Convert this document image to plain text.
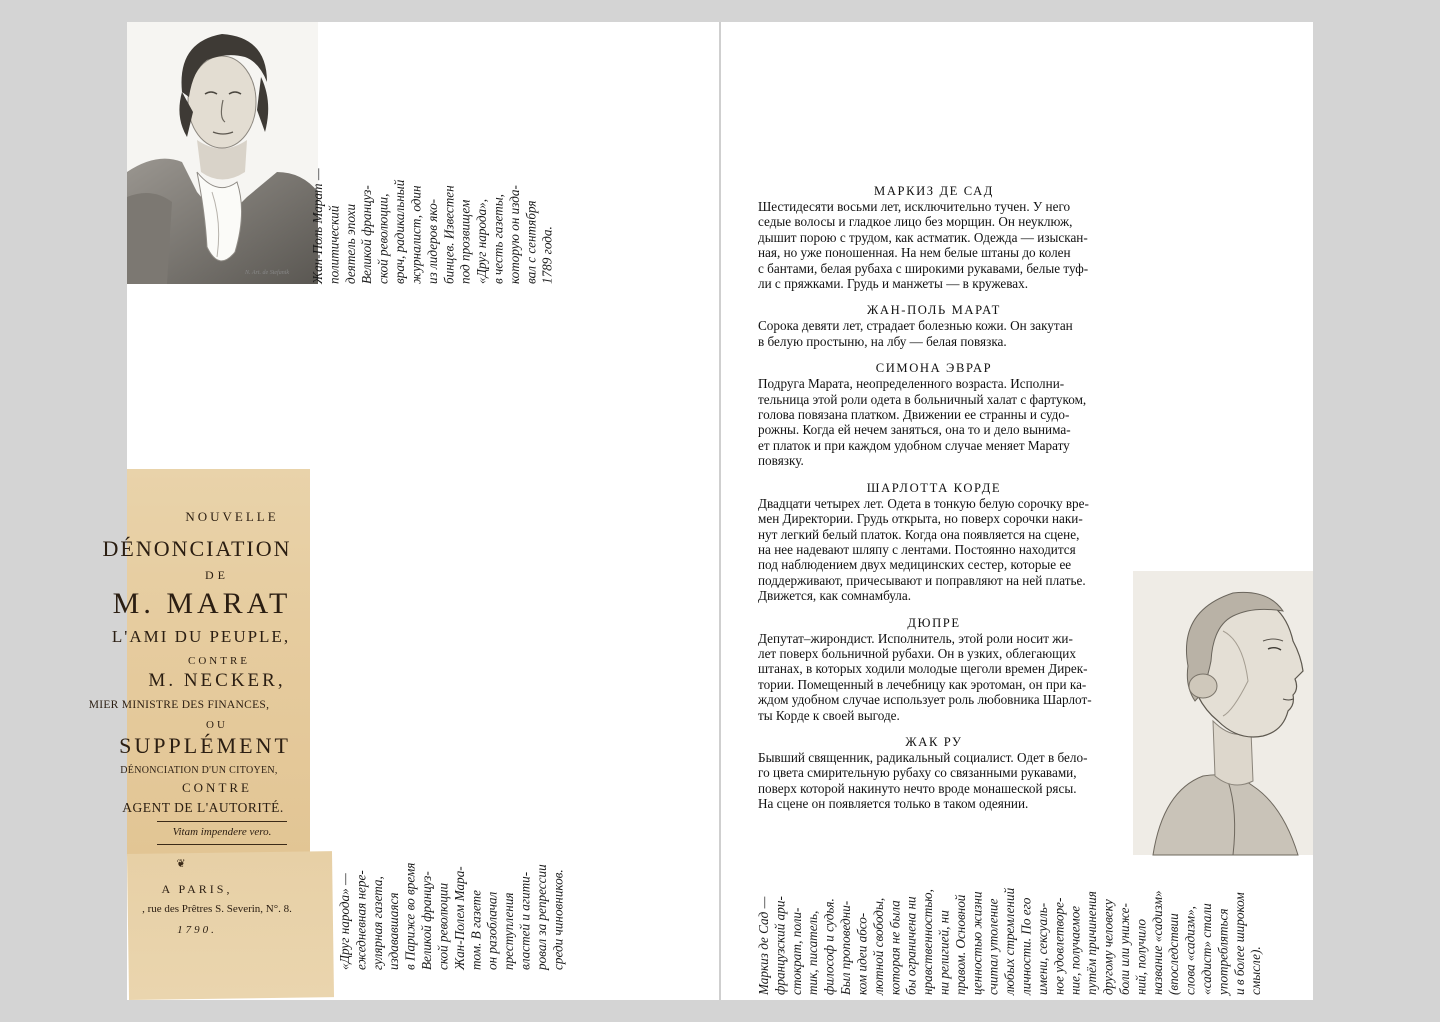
N. Art. de Stefanik Жан-Поль Марат — политический деятель эпохи Великой француз- ской революции, врач, радикальный журналист, один из лидеров яко- бинцев. Известен под прозвищем «Друг народа», в честь газеты, которую он изда- вал с сентября 1789 года.
NOUVELLE
DÉNONCIATION
DE
M. MARAT
L'AMI DU PEUPLE,
CONTRE
M. NECKER,
MIER MINISTRE DES FINANCES,
OU
SUPPLÉMENT
DÉNONCIATION D'UN CITOYEN,
CONTRE
AGENT DE L'AUTORITÉ.
Vitam impendere vero.
❦
A PARIS,
, rue des Prêtres S. Severin, N°. 8.
1790.	«Друг народа» — ежедневная нере- гулярная газета, издававшаяся в Париже во время Великой француз- ской революции Жан-Полем Мара- том. В газете он разоблачал преступления властей и агити- ровал за репрессии среди чиновников.
МАРКИЗ ДЕ САД

Шестидесяти восьми лет, исключительно тучен. У него
седые волосы и гладкое лицо без морщин. Он неуклюж,
дышит порою с трудом, как астматик. Одежда — изыскан-
ная, но уже поношенная. На нем белые штаны до колен
с бантами, белая рубаха с широкими рукавами, белые туф-
ли с пряжками. Грудь и манжеты — в кружевах.

ЖАН-ПОЛЬ МАРАТ

Сорока девяти лет, страдает болезнью кожи. Он закутан
в белую простыню, на лбу — белая повязка.

СИМОНА ЭВРАР

Подруга Марата, неопределенного возраста. Исполни-
тельница этой роли одета в больничный халат с фартуком,
голова повязана платком. Движении ее странны и судо-
рожны. Когда ей нечем заняться, она то и дело вынима-
ет платок и при каждом удобном случае меняет Марату
повязку.

ШАРЛОТТА КОРДЕ

Двадцати четырех лет. Одета в тонкую белую сорочку вре-
мен Директории. Грудь открыта, но поверх сорочки наки-
нут легкий белый платок. Когда она появляется на сцене,
на нее надевают шляпу с лентами. Постоянно находится
под наблюдением двух медицинских сестер, которые ее
поддерживают, причесывают и поправляют на ней платье.
Движется, как сомнамбула.

ДЮПРЕ

Депутат–жирондист. Исполнитель, этой роли носит жи-
лет поверх больничной рубахи. Он в узких, облегающих
штанах, в которых ходили молодые щеголи времен Дирек-
тории. Помещенный в лечебницу как эротоман, он при ка-
ждом удобном случае использует роль любовника Шарлот-
ты Корде к своей выгоде.

ЖАК РУ

Бывший священник, радикальный социалист. Одет в бело-
го цвета смирительную рубаху со связанными рукавами,
поверх которой накинуто нечто вроде монашеской рясы.
На сцене он появляется только в таком одеянии.

Маркиз де Сад — французский ари- стократ, поли- тик, писатель, философ и судья. Был проповедни- ком идеи абсо- лютной свободы, которая не была бы ограничена ни нравственностью, ни религией, ни правом. Основной ценностью жизни считал утоление любых стремлений личности. По его имени, сексуаль- ное удовлетворе- ние, получаемое путём причинения другому человеку боли или униже- ний, получило название «садизм» (впоследствии слова «садизм», «садист» стали употребляться и в более широком смысле).
